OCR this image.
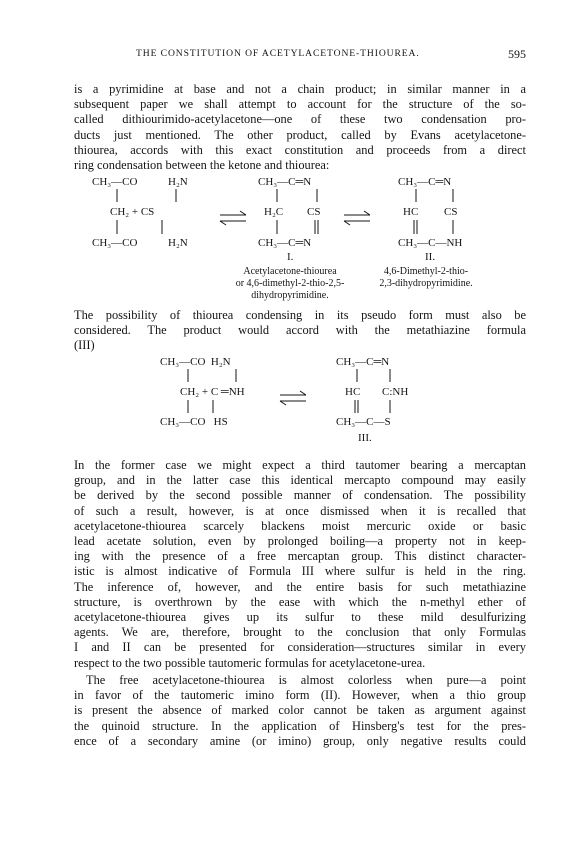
THE CONSTITUTION OF ACETYLACETONE-THIOUREA.	595

is a pyrimidine at base and not a chain product; in similar manner in a
subsequent paper we shall attempt to account for the structure of the so-
called dithiourimido-acetylacetone—one of these two condensation pro-
ducts just mentioned. The other product, called by Evans acetylacetone-
thiourea, accords with this exact constitution and proceeds from a direct
ring condensation between the ketone and thiourea:

CH₃—CO	H₂N
CH₂ + CS
CH₃—CO	H₂N
CH₃—C═N
H₂C CS
CH₃—C═N
I.
CH₃—C═N
HC CS
CH₃—C—NH
II.
Acetylacetone-thiourea
or 4,6-dimethyl-2-thio-2,5-
dihydropyrimidine.
4,6-Dimethyl-2-thio-
2,3-dihydropyrimidine.

The possibility of thiourea condensing in its pseudo form must also be
considered. The product would accord with the metathiazine formula
(III)

CH₃—CO  H₂N
CH₂ + C ═NH
CH₃—CO   HS
CH₃—C═N
HC C:NH
CH₃—C—S
III.

In the former case we might expect a third tautomer bearing a mercaptan
group, and in the latter case this identical mercapto compound may easily
be derived by the second possible manner of condensation. The possibility
of such a result, however, is at once dismissed when it is recalled that
acetylacetone-thiourea scarcely blackens moist mercuric oxide or basic
lead acetate solution, even by prolonged boiling—a property not in keep-
ing with the presence of a free mercaptan group. This distinct character-
istic is almost indicative of Formula III where sulfur is held in the ring.
The inference of, however, and the entire basis for such metathiazine
structure, is overthrown by the ease with which the n-methyl ether of
acetylacetone-thiourea gives up its sulfur to these mild desulfurizing
agents. We are, therefore, brought to the conclusion that only Formulas
I and II can be presented for consideration—structures similar in every
respect to the two possible tautomeric formulas for acetylacetone-urea.

The free acetylacetone-thiourea is almost colorless when pure—a point
in favor of the tautomeric imino form (II). However, when a thio group
is present the absence of marked color cannot be taken as argument against
the quinoid structure. In the application of Hinsberg's test for the pres-
ence of a secondary amine (or imino) group, only negative results could
